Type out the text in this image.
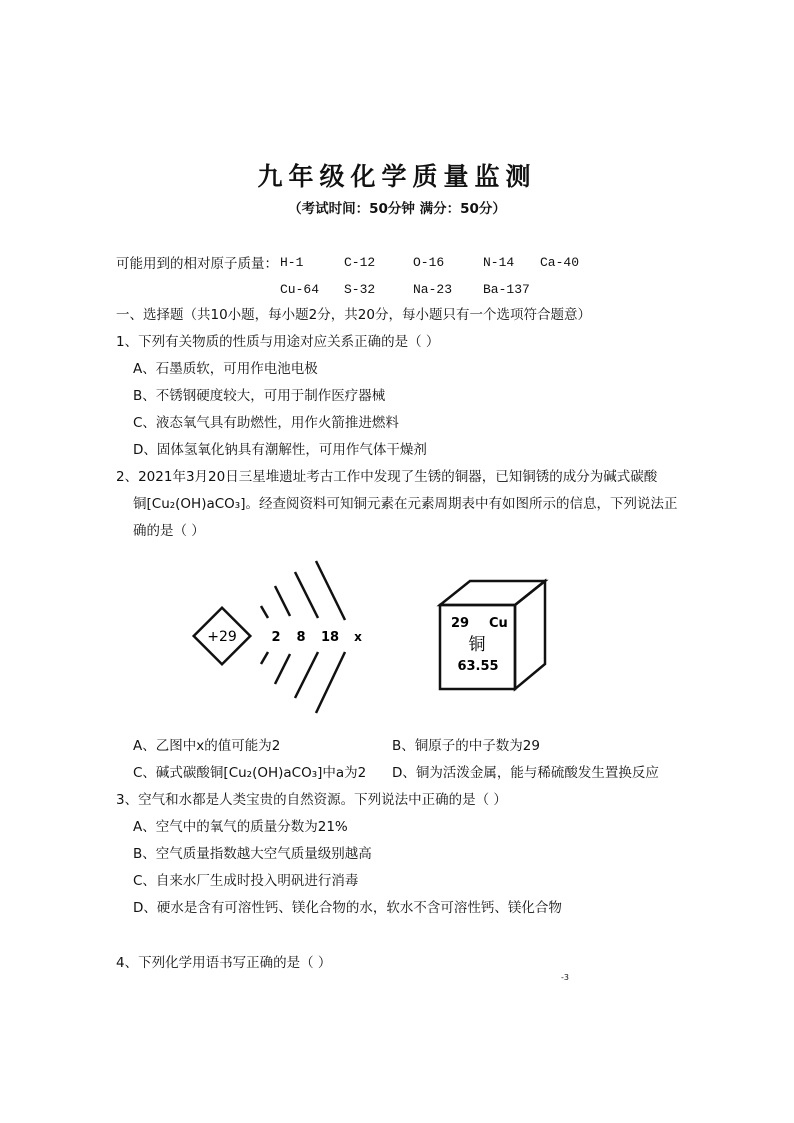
九年级化学质量监测
（考试时间：50分钟 满分：50分）
可能用到的相对原子质量： H-1	C-12	O-16	N-14 Ca-40
Cu-64 S-32	Na-23 Ba-137
一、选择题（共10小题，每小题2分，共20分，每小题只有一个选项符合题意）
1、下列有关物质的性质与用途对应关系正确的是（ ）
A、石墨质软，可用作电池电极
B、不锈钢硬度较大，可用于制作医疗器械
C、液态氧气具有助燃性，用作火箭推进燃料
D、固体氢氧化钠具有潮解性，可用作气体干燥剂
2、2021年3月20日三星堆遗址考古工作中发现了生锈的铜器，已知铜锈的成分为碱式碳酸
铜[Cu₂(OH)aCO₃]。经查阅资料可知铜元素在元素周期表中有如图所示的信息，下列说法正
确的是（ ）
+29	2 8 18 x
29 Cu
铜
63.55
A、乙图中x的值可能为2	B、铜原子的中子数为29
C、碱式碳酸铜[Cu₂(OH)aCO₃]中a为2 D、铜为活泼金属，能与稀硫酸发生置换反应
3、空气和水都是人类宝贵的自然资源。下列说法中正确的是（ ）
A、空气中的氧气的质量分数为21%
B、空气质量指数越大空气质量级别越高
C、自来水厂生成时投入明矾进行消毒
D、硬水是含有可溶性钙、镁化合物的水，软水不含可溶性钙、镁化合物
4、下列化学用语书写正确的是（ ）
-3
